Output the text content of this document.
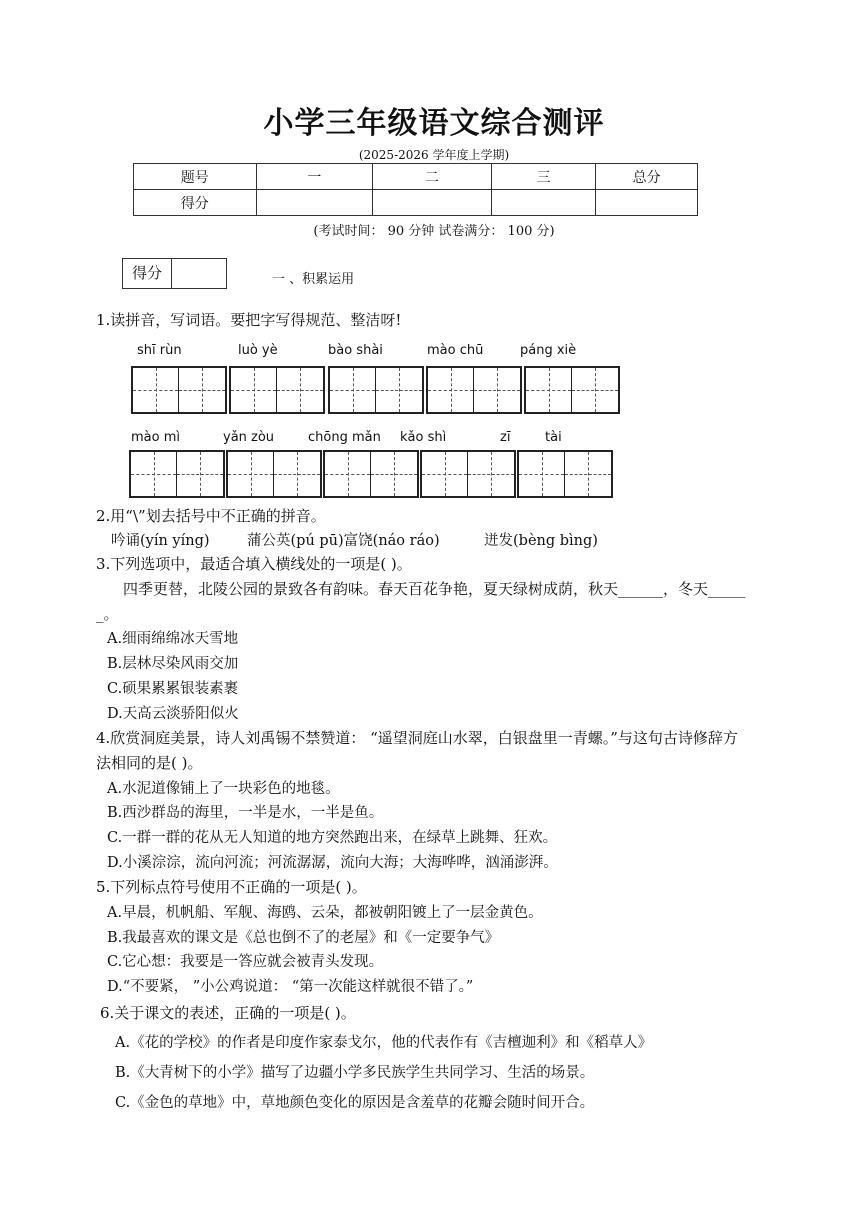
小学三年级语文综合测评
(2025-2026 学年度上学期)
题号	一	二	三	总分
得分				
(考试时间： 90 分钟 试卷满分： 100 分)
得分	一 、积累运用
1.读拼音，写词语。要把字写得规范、整洁呀!
shī rùn	luò yè	bào shài	mào chū	páng xiè
mào mì	yǎn zòu	chōng mǎn kǎo shì	zī	tài
2.用“\”划去括号中不正确的拼音。
吟诵(yín yíng)	蒲公英(pú pū)富饶(náo ráo)	迸发(bèng bìng)
3.下列选项中，最适合填入横线处的一项是( )。
四季更替，北陵公园的景致各有韵味。春天百花争艳，夏天绿树成荫，秋天______，冬天_____
_。
A.细雨绵绵冰天雪地
B.层林尽染风雨交加
C.硕果累累银装素裹
D.天高云淡骄阳似火
4.欣赏洞庭美景，诗人刘禹锡不禁赞道： “遥望洞庭山水翠，白银盘里一青螺。”与这句古诗修辞方
法相同的是( )。
A.水泥道像铺上了一块彩色的地毯。
B.西沙群岛的海里，一半是水，一半是鱼。
C.一群一群的花从无人知道的地方突然跑出来，在绿草上跳舞、狂欢。
D.小溪淙淙，流向河流；河流潺潺，流向大海；大海哗哗，汹涌澎湃。
5.下列标点符号使用不正确的一项是( )。
A.早晨，机帆船、军舰、海鸥、云朵，都被朝阳镀上了一层金黄色。
B.我最喜欢的课文是《总也倒不了的老屋》和《一定要争气》
C.它心想：我要是一答应就会被青头发现。
D.“不要紧， ”小公鸡说道： “第一次能这样就很不错了。”
6.关于课文的表述，正确的一项是( )。
A.《花的学校》的作者是印度作家泰戈尔，他的代表作有《吉檀迦利》和《稻草人》
B.《大青树下的小学》描写了边疆小学多民族学生共同学习、生活的场景。
C.《金色的草地》中，草地颜色变化的原因是含羞草的花瓣会随时间开合。
